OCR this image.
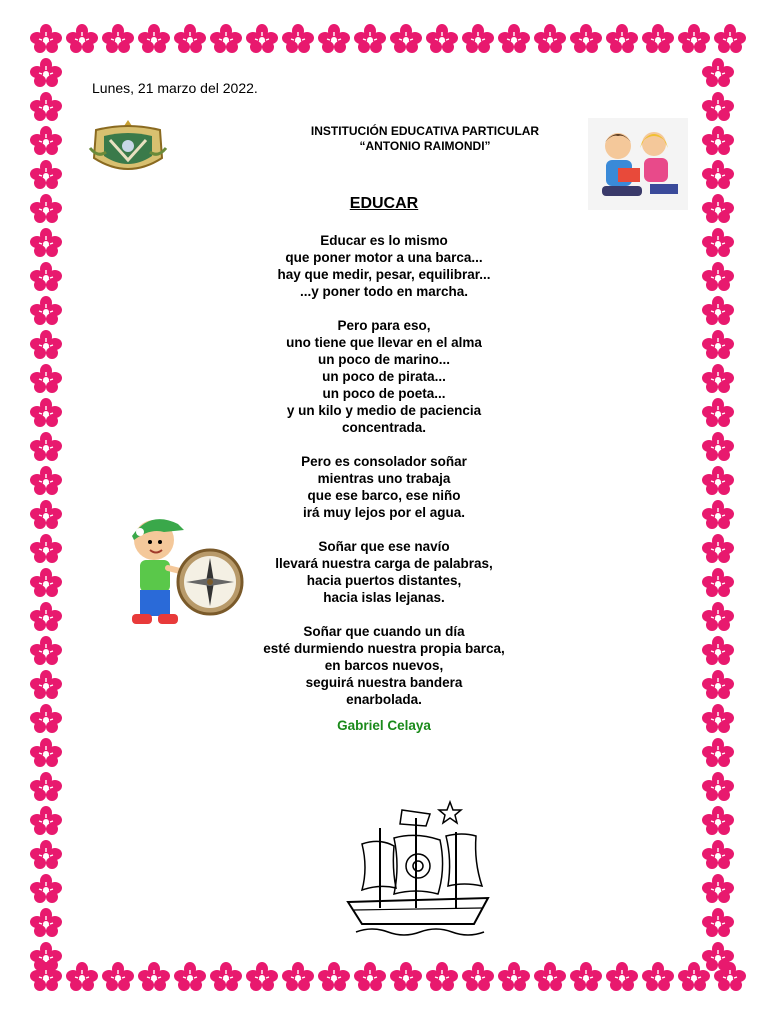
Lunes, 21 marzo del 2022.
INSTITUCIÓN EDUCATIVA PARTICULAR
“ANTONIO RAIMONDI”
EDUCAR
Educar es lo mismo
que poner motor a una barca...
hay que medir, pesar, equilibrar...
...y poner todo en marcha.
Pero para eso,
uno tiene que llevar en el alma
un poco de marino...
un poco de pirata...
un poco de poeta...
y un kilo y medio de paciencia
concentrada.
Pero es consolador soñar
mientras uno trabaja
que ese barco, ese niño
irá muy lejos por el agua.
Soñar que ese navío
llevará nuestra carga de palabras,
hacia puertos distantes,
hacia islas lejanas.
Soñar que cuando un día
esté durmiendo nuestra propia barca,
en barcos nuevos,
seguirá nuestra bandera
enarbolada.
Gabriel Celaya
